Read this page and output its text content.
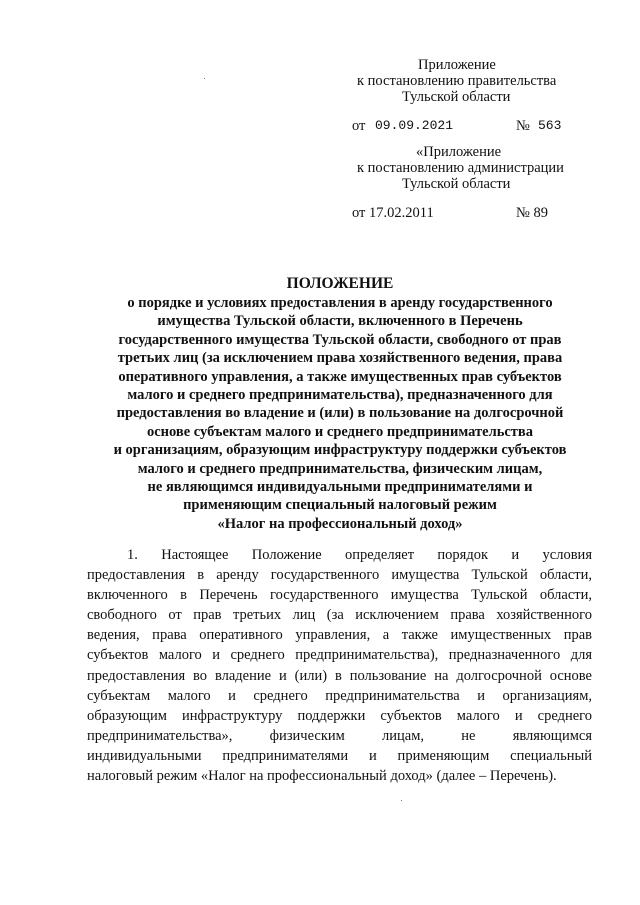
Приложение
к постановлению правительства
Тульской области
от 09.09.2021	№ 563
«Приложение
к постановлению администрации
Тульской области
от 17.02.2011	№ 89
ПОЛОЖЕНИЕ
о порядке и условиях предоставления в аренду государственного
имущества Тульской области, включенного в Перечень
государственного имущества Тульской области, свободного от прав
третьих лиц (за исключением права хозяйственного ведения, права
оперативного управления, а также имущественных прав субъектов
малого и среднего предпринимательства), предназначенного для
предоставления во владение и (или) в пользование на долгосрочной
основе субъектам малого и среднего предпринимательства
и организациям, образующим инфраструктуру поддержки субъектов
малого и среднего предпринимательства, физическим лицам,
не являющимся индивидуальными предпринимателями и
применяющим специальный налоговый режим
«Налог на профессиональный доход»
1. Настоящее Положение определяет порядок и условия
предоставления в аренду государственного имущества Тульской области,
включенного в Перечень государственного имущества Тульской области,
свободного от прав третьих лиц (за исключением права хозяйственного
ведения, права оперативного управления, а также имущественных прав
субъектов малого и среднего предпринимательства), предназначенного для
предоставления во владение и (или) в пользование на долгосрочной основе
субъектам малого и среднего предпринимательства и организациям,
образующим инфраструктуру поддержки субъектов малого и среднего
предпринимательства», физическим лицам, не являющимся
индивидуальными предпринимателями и применяющим специальный
налоговый режим «Налог на профессиональный доход» (далее – Перечень).
